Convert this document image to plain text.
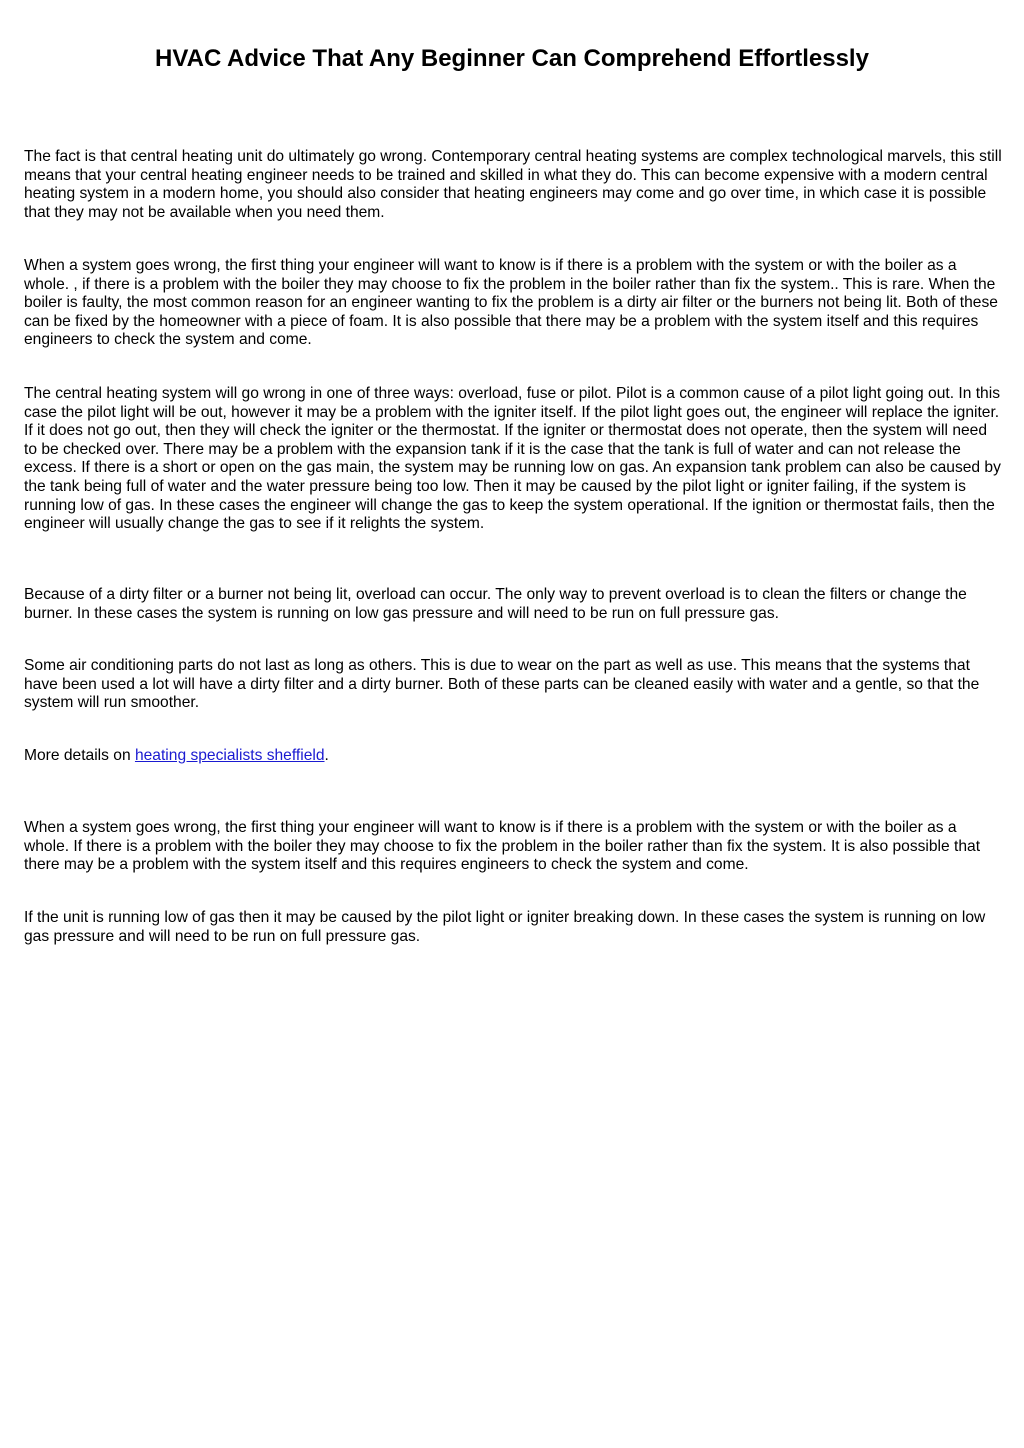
HVAC Advice That Any Beginner Can Comprehend Effortlessly

The fact is that central heating unit do ultimately go wrong. Contemporary central heating systems are complex technological marvels, this still means that your central heating engineer needs to be trained and skilled in what they do. This can become expensive with a modern central heating system in a modern home, you should also consider that heating engineers may come and go over time, in which case it is possible that they may not be available when you need them.

When a system goes wrong, the first thing your engineer will want to know is if there is a problem with the system or with the boiler as a whole. , if there is a problem with the boiler they may choose to fix the problem in the boiler rather than fix the system.. This is rare. When the boiler is faulty, the most common reason for an engineer wanting to fix the problem is a dirty air filter or the burners not being lit. Both of these can be fixed by the homeowner with a piece of foam. It is also possible that there may be a problem with the system itself and this requires engineers to check the system and come.

The central heating system will go wrong in one of three ways: overload, fuse or pilot. Pilot is a common cause of a pilot light going out. In this case the pilot light will be out, however it may be a problem with the igniter itself. If the pilot light goes out, the engineer will replace the igniter. If it does not go out, then they will check the igniter or the thermostat. If the igniter or thermostat does not operate, then the system will need to be checked over. There may be a problem with the expansion tank if it is the case that the tank is full of water and can not release the excess. If there is a short or open on the gas main, the system may be running low on gas. An expansion tank problem can also be caused by the tank being full of water and the water pressure being too low. Then it may be caused by the pilot light or igniter failing, if the system is running low of gas. In these cases the engineer will change the gas to keep the system operational. If the ignition or thermostat fails, then the engineer will usually change the gas to see if it relights the system.

Because of a dirty filter or a burner not being lit, overload can occur. The only way to prevent overload is to clean the filters or change the burner. In these cases the system is running on low gas pressure and will need to be run on full pressure gas.

Some air conditioning parts do not last as long as others. This is due to wear on the part as well as use. This means that the systems that have been used a lot will have a dirty filter and a dirty burner. Both of these parts can be cleaned easily with water and a gentle, so that the system will run smoother.

More details on heating specialists sheffield.

When a system goes wrong, the first thing your engineer will want to know is if there is a problem with the system or with the boiler as a whole. If there is a problem with the boiler they may choose to fix the problem in the boiler rather than fix the system. It is also possible that there may be a problem with the system itself and this requires engineers to check the system and come.

If the unit is running low of gas then it may be caused by the pilot light or igniter breaking down. In these cases the system is running on low gas pressure and will need to be run on full pressure gas.
